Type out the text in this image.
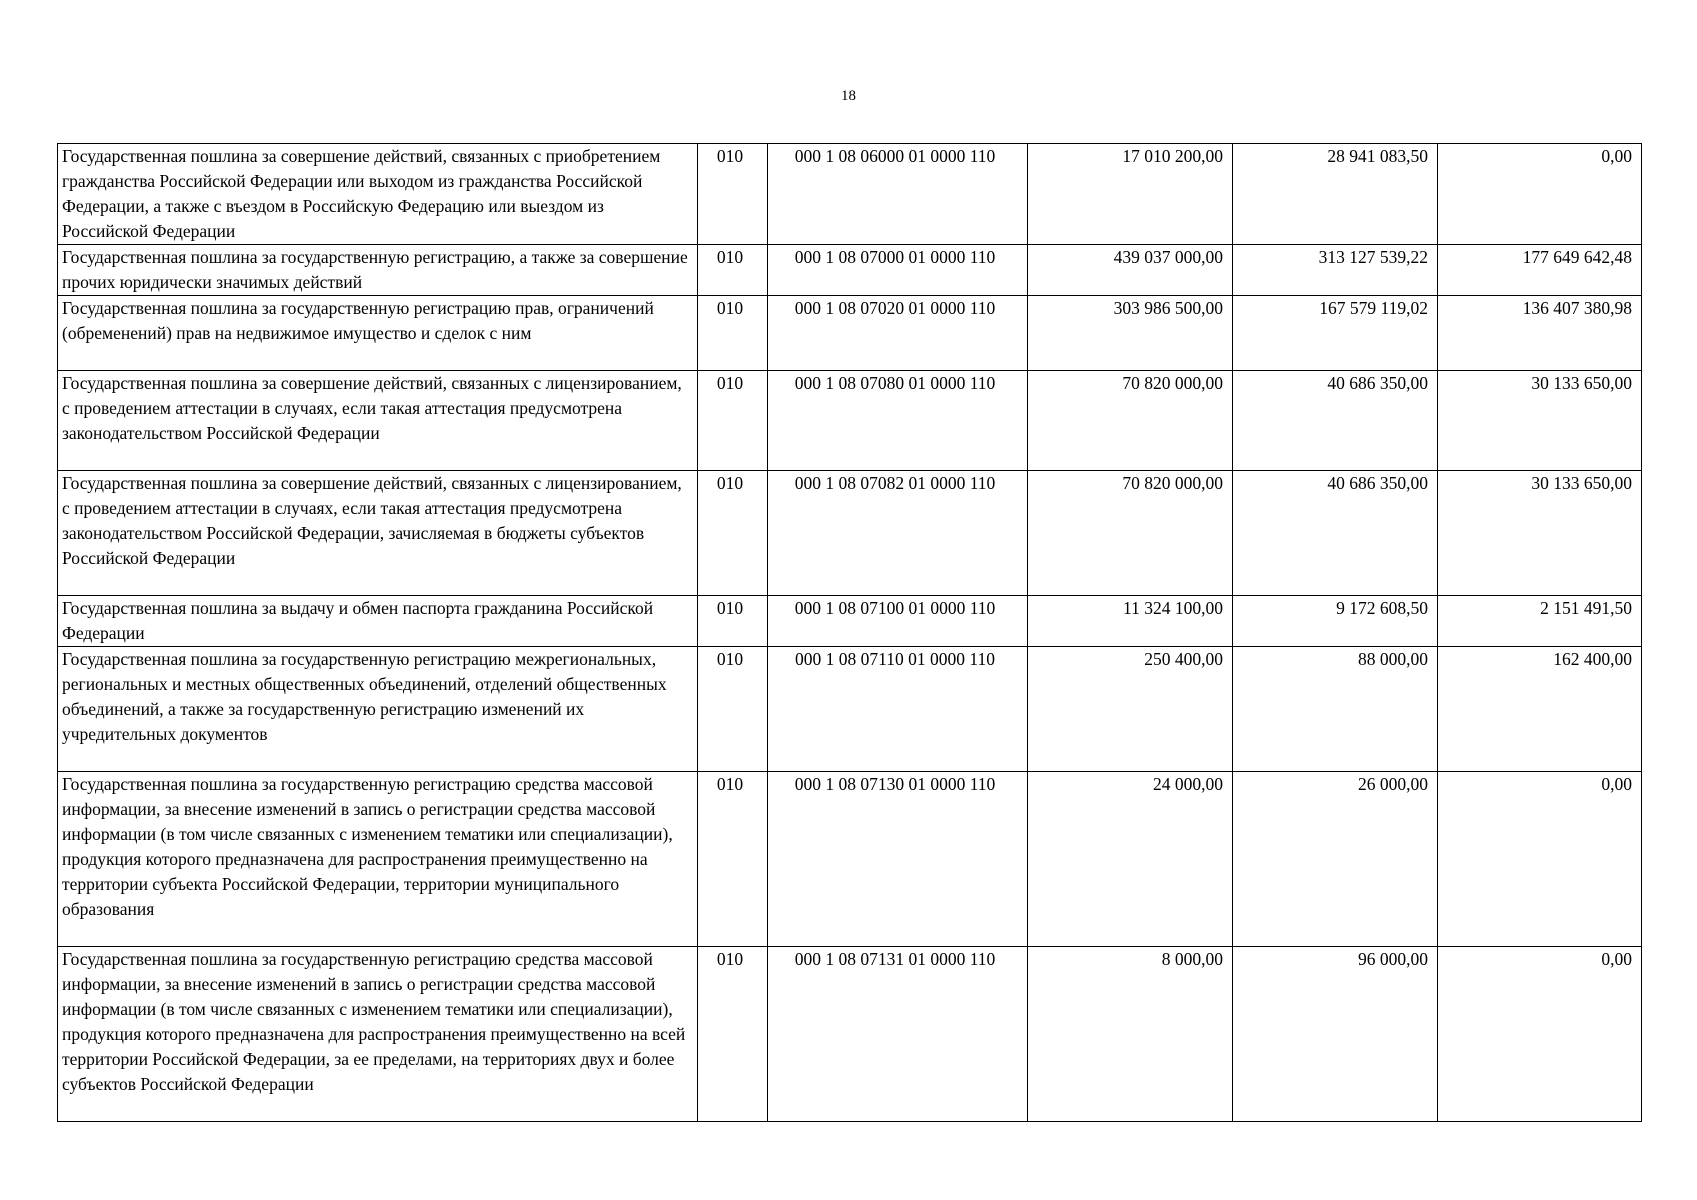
18
Государственная пошлина за совершение действий, связанных с приобретением гражданства Российской Федерации или выходом из гражданства Российской Федерации, а также с въездом в Российскую Федерацию или выездом из Российской Федерации	010	000 1 08 06000 01 0000 110	17 010 200,00	28 941 083,50	0,00
Государственная пошлина за государственную регистрацию, а также за совершение прочих юридически значимых действий	010	000 1 08 07000 01 0000 110	439 037 000,00	313 127 539,22	177 649 642,48
Государственная пошлина за государственную регистрацию прав, ограничений (обременений) прав на недвижимое имущество и сделок с ним	010	000 1 08 07020 01 0000 110	303 986 500,00	167 579 119,02	136 407 380,98
Государственная пошлина за совершение действий, связанных с лицензированием, с проведением аттестации в случаях, если такая аттестация предусмотрена законодательством Российской Федерации	010	000 1 08 07080 01 0000 110	70 820 000,00	40 686 350,00	30 133 650,00
Государственная пошлина за совершение действий, связанных с лицензированием, с проведением аттестации в случаях, если такая аттестация предусмотрена законодательством Российской Федерации, зачисляемая в бюджеты субъектов Российской Федерации	010	000 1 08 07082 01 0000 110	70 820 000,00	40 686 350,00	30 133 650,00
Государственная пошлина за выдачу и обмен паспорта гражданина Российской Федерации	010	000 1 08 07100 01 0000 110	11 324 100,00	9 172 608,50	2 151 491,50
Государственная пошлина за государственную регистрацию межрегиональных, региональных и местных общественных объединений, отделений общественных объединений, а также за государственную регистрацию изменений их учредительных документов	010	000 1 08 07110 01 0000 110	250 400,00	88 000,00	162 400,00
Государственная пошлина за государственную регистрацию средства массовой информации, за внесение изменений в запись о регистрации средства массовой информации (в том числе связанных с изменением тематики или специализации), продукция которого предназначена для распространения преимущественно на территории субъекта Российской Федерации, территории муниципального образования	010	000 1 08 07130 01 0000 110	24 000,00	26 000,00	0,00
Государственная пошлина за государственную регистрацию средства массовой информации, за внесение изменений в запись о регистрации средства массовой информации (в том числе связанных с изменением тематики или специализации), продукция которого предназначена для распространения преимущественно на всей территории Российской Федерации, за ее пределами, на территориях двух и более субъектов Российской Федерации	010	000 1 08 07131 01 0000 110	8 000,00	96 000,00	0,00
